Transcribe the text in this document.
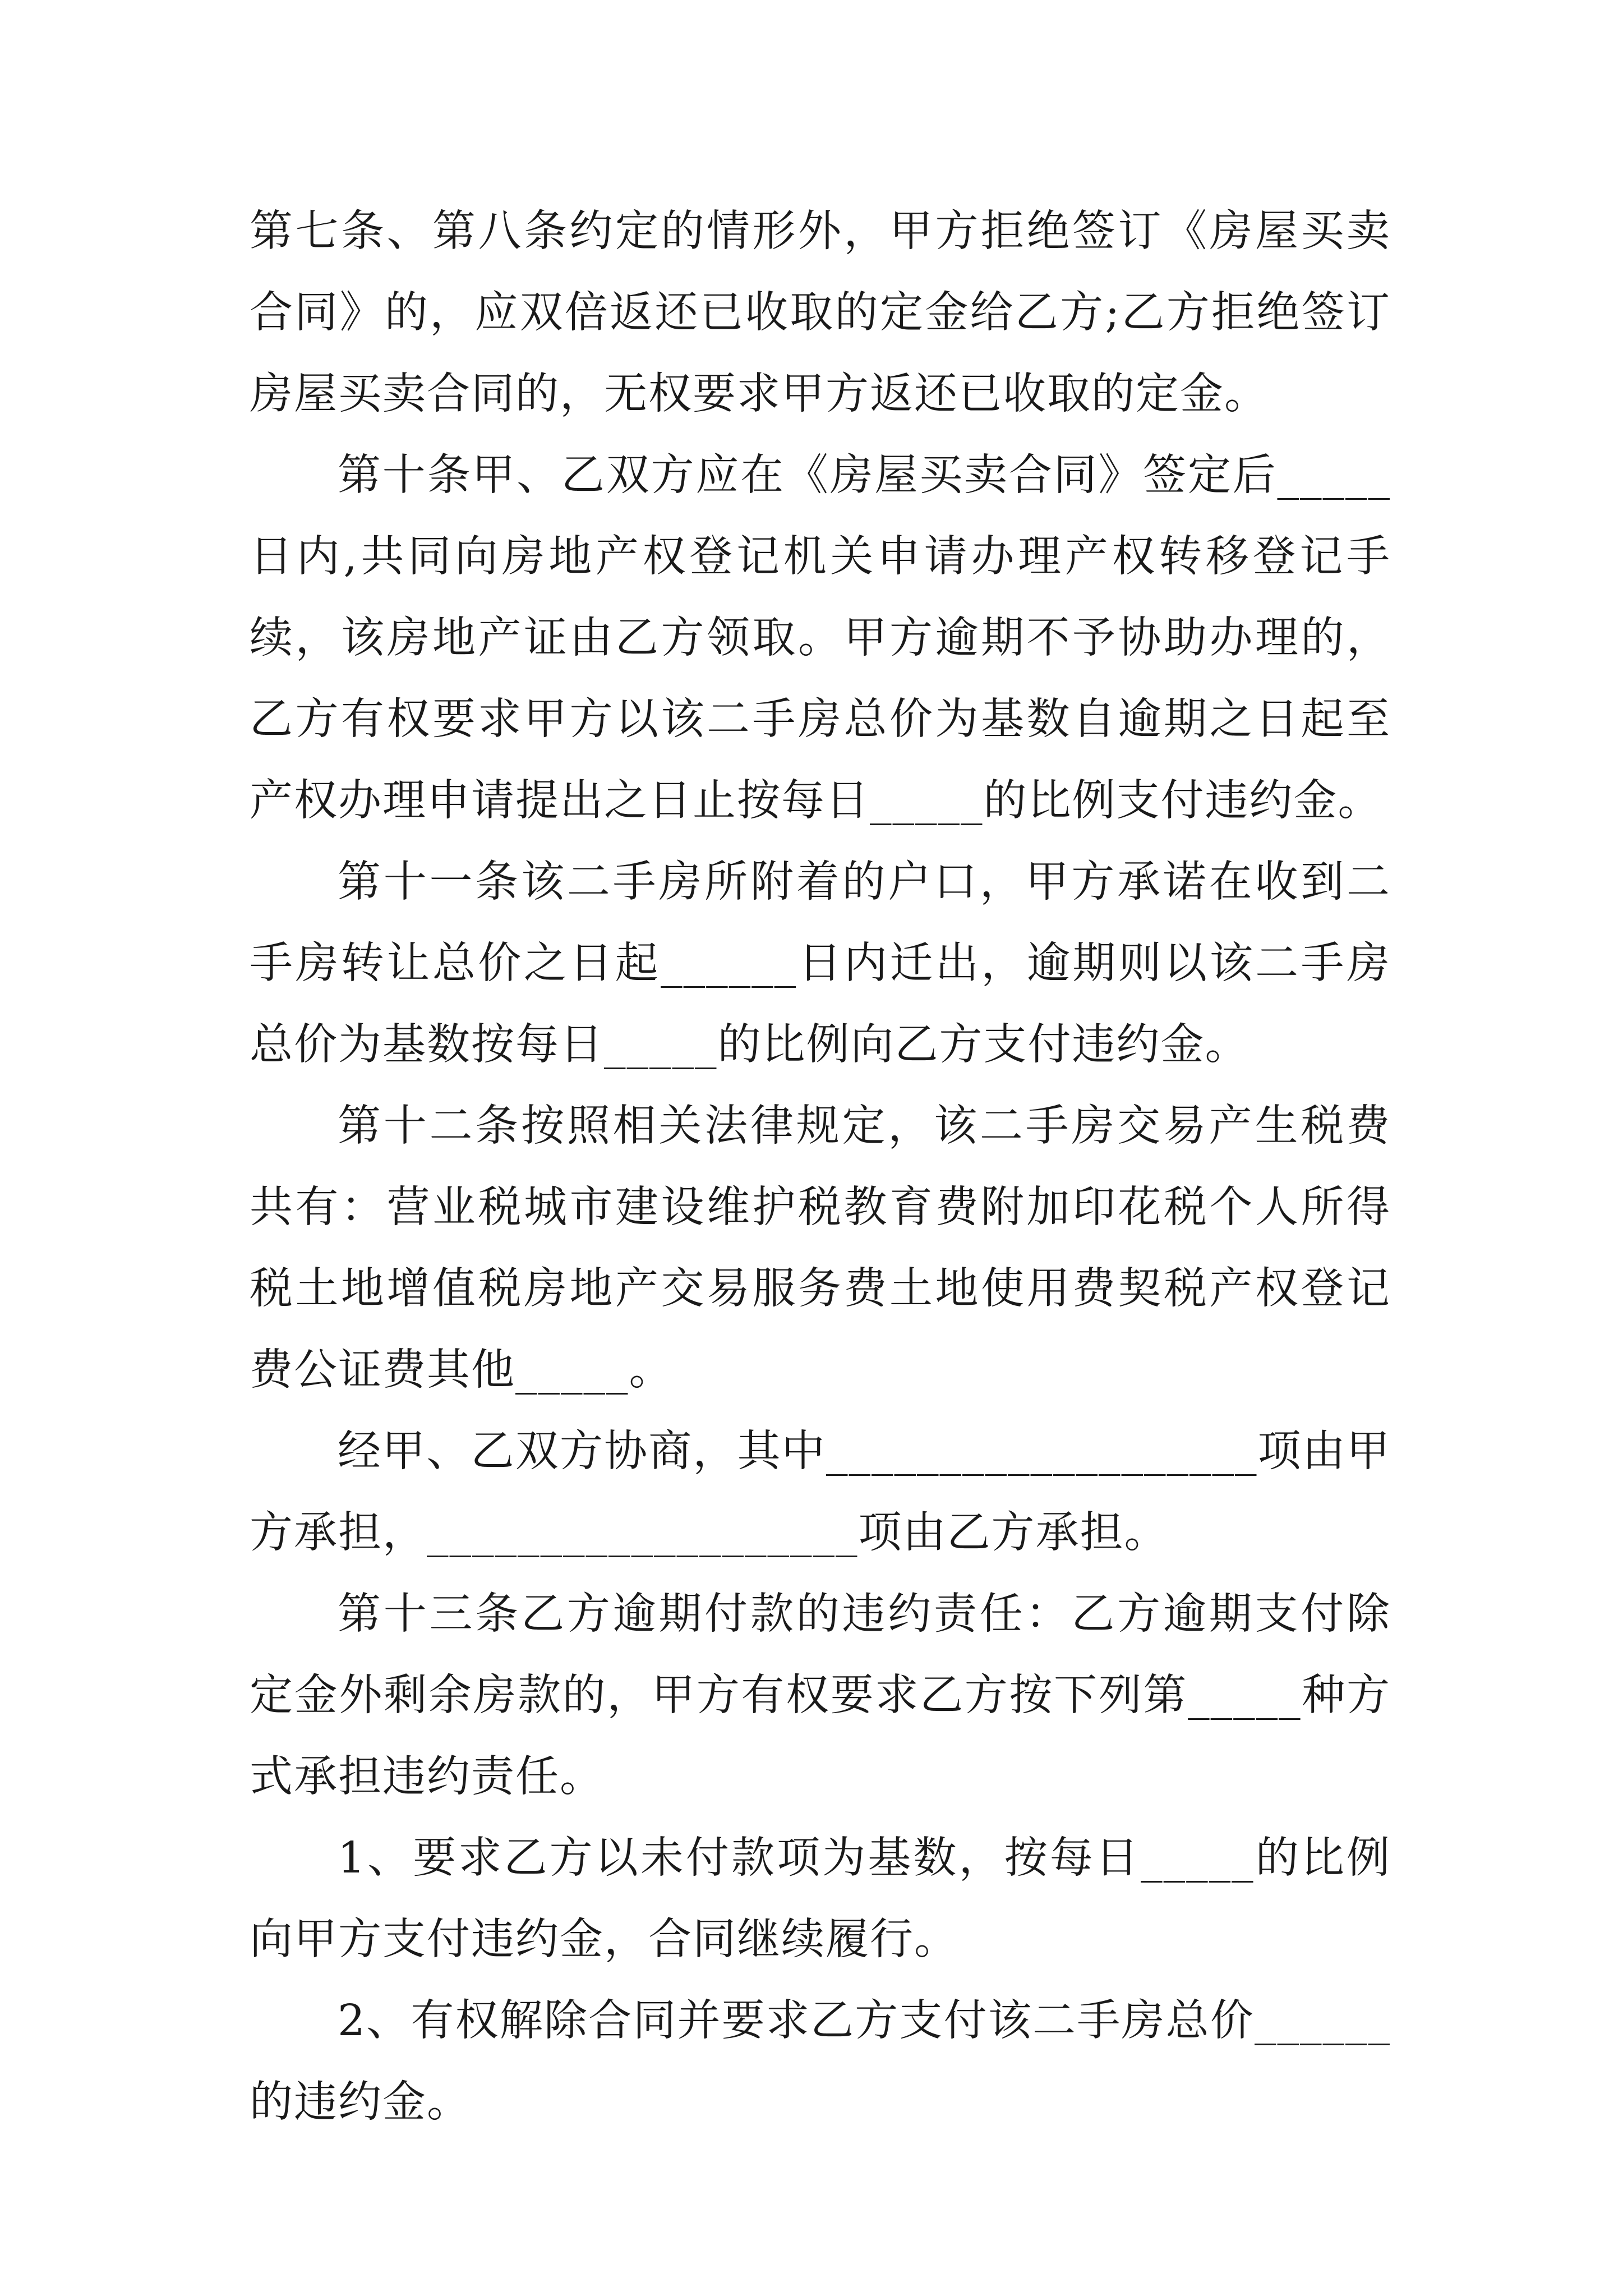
第七条、第八条约定的情形外，甲方拒绝签订《房屋买卖合同》的，应双倍返还已收取的定金给乙方;乙方拒绝签订房屋买卖合同的，无权要求甲方返还已收取的定金。

第十条甲、乙双方应在《房屋买卖合同》签定后_____日内,共同向房地产权登记机关申请办理产权转移登记手续，该房地产证由乙方领取。甲方逾期不予协助办理的，乙方有权要求甲方以该二手房总价为基数自逾期之日起至产权办理申请提出之日止按每日_____的比例支付违约金。

第十一条该二手房所附着的户口，甲方承诺在收到二手房转让总价之日起______日内迁出，逾期则以该二手房总价为基数按每日_____的比例向乙方支付违约金。

第十二条按照相关法律规定，该二手房交易产生税费共有：营业税城市建设维护税教育费附加印花税个人所得税土地增值税房地产交易服务费土地使用费契税产权登记费公证费其他_____。

经甲、乙双方协商，其中___________________项由甲方承担，___________________项由乙方承担。

第十三条乙方逾期付款的违约责任：乙方逾期支付除定金外剩余房款的，甲方有权要求乙方按下列第_____种方式承担违约责任。

1、要求乙方以未付款项为基数，按每日_____的比例向甲方支付违约金，合同继续履行。

2、有权解除合同并要求乙方支付该二手房总价______的违约金。
